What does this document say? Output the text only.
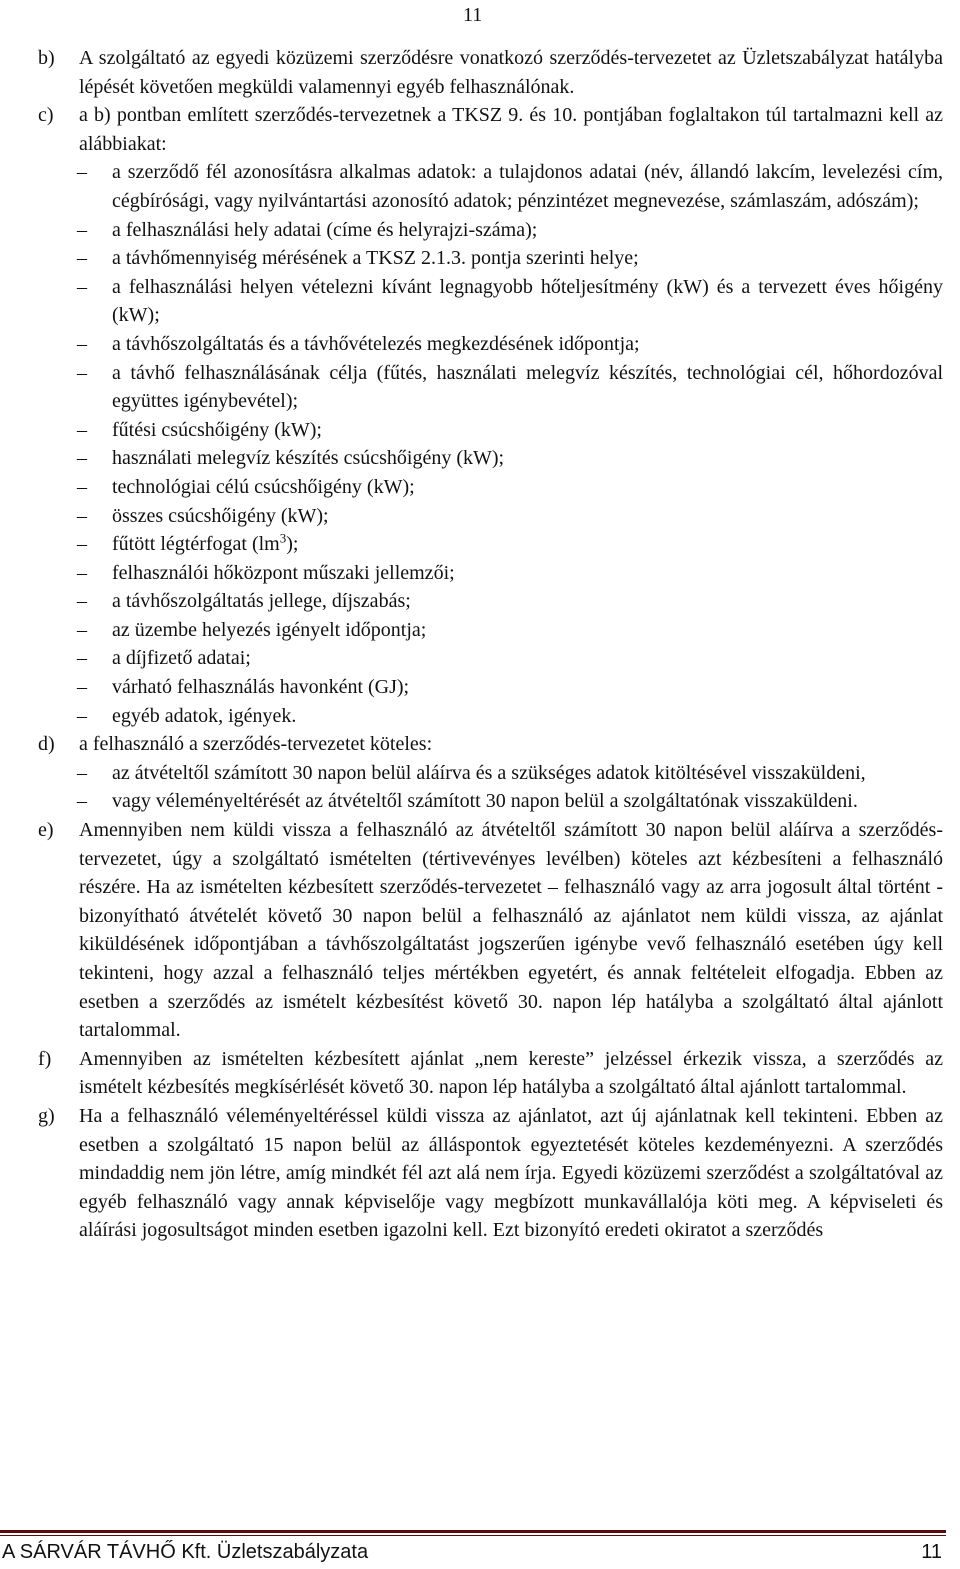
11
b) A szolgáltató az egyedi közüzemi szerződésre vonatkozó szerződés-tervezetet az Üzletszabályzat hatályba lépését követően megküldi valamennyi egyéb felhasználónak.
c) a b) pontban említett szerződés-tervezetnek a TKSZ 9. és 10. pontjában foglaltakon túl tartalmazni kell az alábbiakat:
–	a szerződő fél azonosításra alkalmas adatok: a tulajdonos adatai (név, állandó lakcím, levelezési cím, cégbírósági, vagy nyilvántartási azonosító adatok; pénzintézet megnevezése, számlaszám, adószám);
–	a felhasználási hely adatai (címe és helyrajzi-száma);
–	a távhőmennyiség mérésének a TKSZ 2.1.3. pontja szerinti helye;
–	a felhasználási helyen vételezni kívánt legnagyobb hőteljesítmény (kW) és a tervezett éves hőigény (kW);
–	a távhőszolgáltatás és a távhővételezés megkezdésének időpontja;
–	a távhő felhasználásának célja (fűtés, használati melegvíz készítés, technológiai cél, hőhordozóval együttes igénybevétel);
–	fűtési csúcshőigény (kW);
–	használati melegvíz készítés csúcshőigény (kW);
–	technológiai célú csúcshőigény (kW);
–	összes csúcshőigény (kW);
–	fűtött légtérfogat $(lm^3)$;
–	felhasználói hőközpont műszaki jellemzői;
–	a távhőszolgáltatás jellege, díjszabás;
–	az üzembe helyezés igényelt időpontja;
–	a díjfizető adatai;
–	várható felhasználás havonként (GJ);
–	egyéb adatok, igények.
d) a felhasználó a szerződés-tervezetet köteles:
–	az átvételtől számított 30 napon belül aláírva és a szükséges adatok kitöltésével visszaküldeni,
–	vagy véleményeltérését az átvételtől számított 30 napon belül a szolgáltatónak visszaküldeni.
e) Amennyiben nem küldi vissza a felhasználó az átvételtől számított 30 napon belül aláírva a szerződés-tervezetet, úgy a szolgáltató ismételten (tértivevényes levélben) köteles azt kézbesíteni a felhasználó részére. Ha az ismételten kézbesített szerződés-tervezetet – felhasználó vagy az arra jogosult által történt - bizonyítható átvételét követő 30 napon belül a felhasználó az ajánlatot nem küldi vissza, az ajánlat kiküldésének időpontjában a távhőszolgáltatást jogszerűen igénybe vevő felhasználó esetében úgy kell tekinteni, hogy azzal a felhasználó teljes mértékben egyetért, és annak feltételeit elfogadja. Ebben az esetben a szerződés az ismételt kézbesítést követő 30. napon lép hatályba a szolgáltató által ajánlott tartalommal.
f) Amennyiben az ismételten kézbesített ajánlat „nem kereste” jelzéssel érkezik vissza, a szerződés az ismételt kézbesítés megkísérlését követő 30. napon lép hatályba a szolgáltató által ajánlott tartalommal.
g) Ha a felhasználó véleményeltéréssel küldi vissza az ajánlatot, azt új ajánlatnak kell tekinteni. Ebben az esetben a szolgáltató 15 napon belül az álláspontok egyeztetését köteles kezdeményezni. A szerződés mindaddig nem jön létre, amíg mindkét fél azt alá nem írja. Egyedi közüzemi szerződést a szolgáltatóval az egyéb felhasználó vagy annak képviselője vagy megbízott munkavállalója köti meg. A képviseleti és aláírási jogosultságot minden esetben igazolni kell. Ezt bizonyító eredeti okiratot a szerződés
A SÁRVÁR TÁVHŐ Kft. Üzletszabályzata	11
